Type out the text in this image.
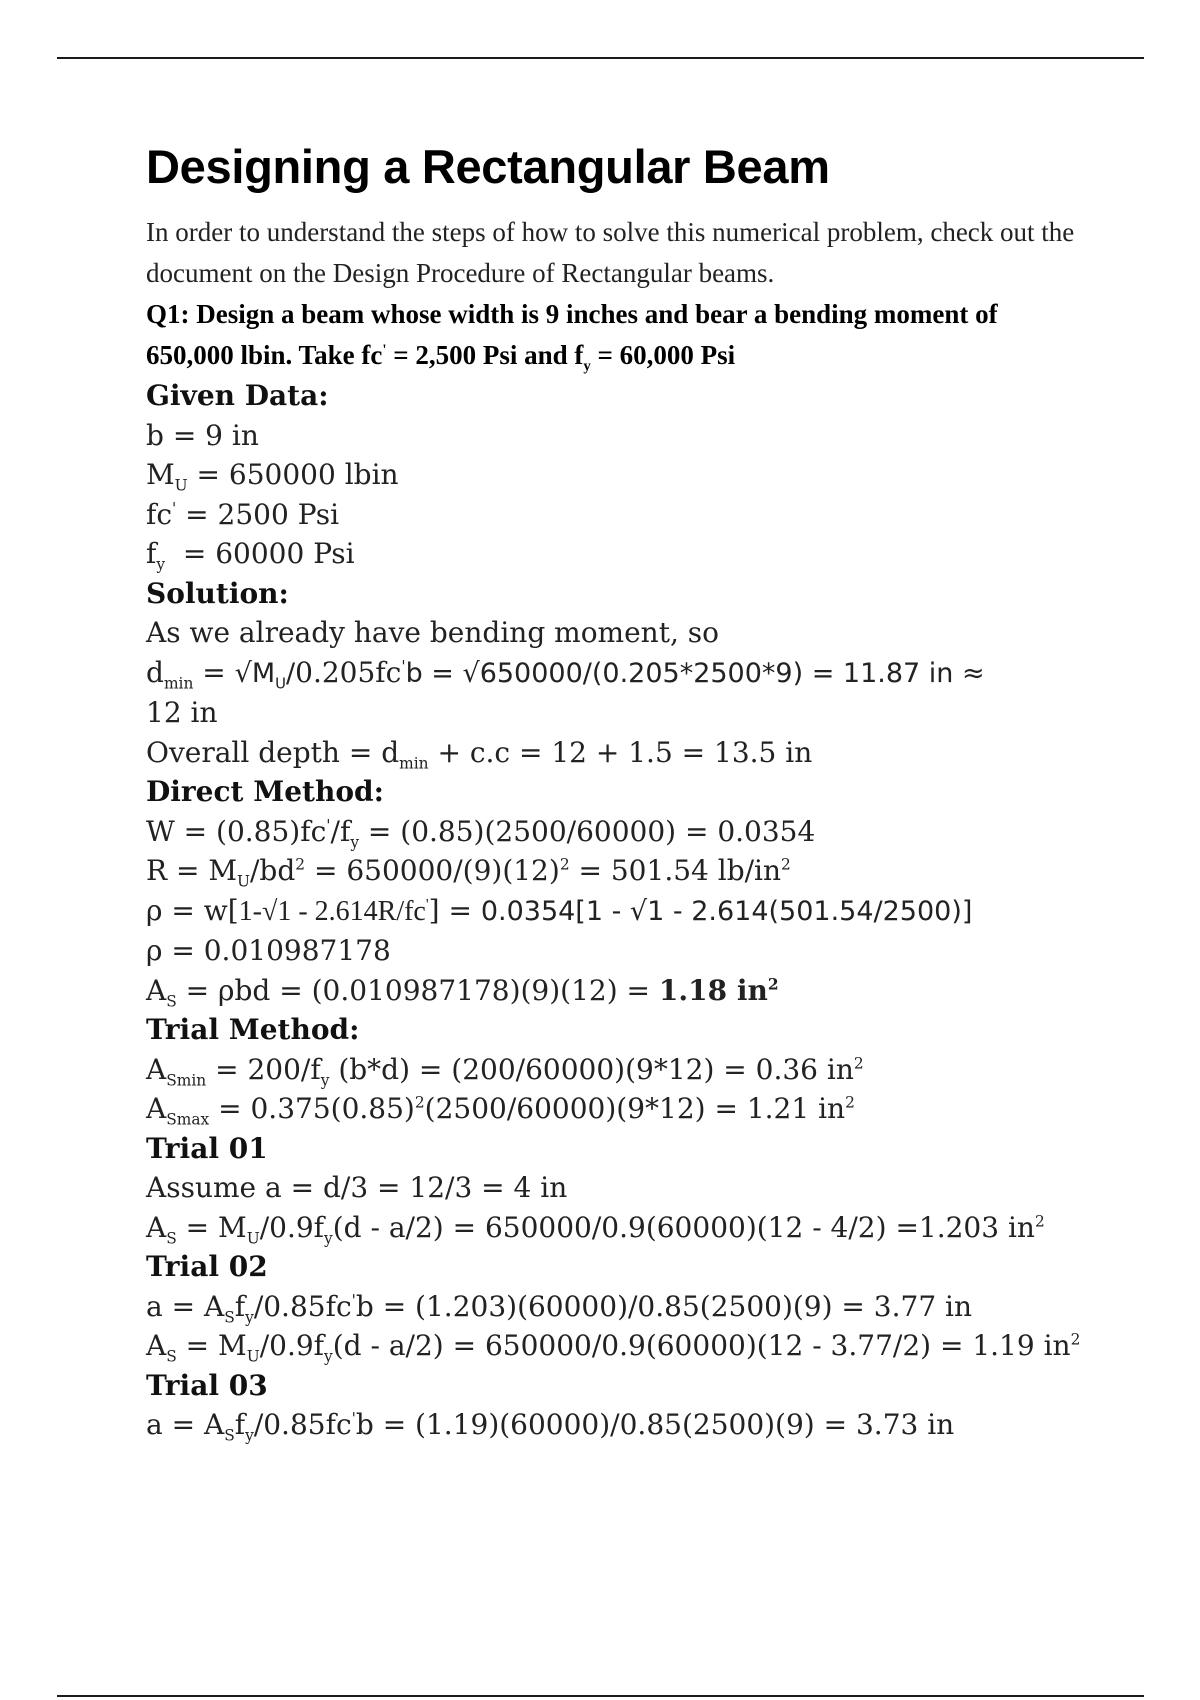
Designing a Rectangular Beam

In order to understand the steps of how to solve this numerical problem, check out the document on the Design Procedure of Rectangular beams.

Q1: Design a beam whose width is 9 inches and bear a bending moment of 650,000 lbin. Take fc' = 2,500 Psi and $f_y = 60,000$ Psi

Given Data:

b = 9 in

$M_U = 650000$ lbin

fc' = 2500 Psi

$f_y = 60000$ Psi

Solution:

As we already have bending moment, so

$d_{min} = √M_U/0.205fc'b = √650000/(0.205*2500*9) = 11.87$ in ≈

12 in

Overall depth = $d_{min} + c.c = 12 + 1.5 = 13.5$ in

Direct Method:

$W = (0.85)fc'/f_y = (0.85)(2500/60000) = 0.0354$

$R = M_U/bd^2 = 650000/(9)(12)^2 = 501.54$ $lb/in^2$

ρ = w[1-√1 - 2.614R/fc'] = 0.0354[1 - √1 - 2.614(501.54/2500)]

ρ = 0.010987178

$A_S = \rho bd = (0.010987178)(9)(12) = 1.18$ $in^2$

Trial Method:

$A_{Smin} = 200/f_y$ (b*d) = (200/60000)(9*12) = 0.36 $in^2$

$A_{Smax} = 0.375(0.85)^2(2500/60000)(9*12) = 1.21$ $in^2$

Trial 01

Assume a = d/3 = 12/3 = 4 in

$A_S = M_U/0.9f_y(d - a/2) = 650000/0.9(60000)(12 - 4/2) =1.203$ $in^2$

Trial 02

$a = A_Sf_y/0.85fc'b = (1.203)(60000)/0.85(2500)(9) = 3.77$ in

$A_S = M_U/0.9f_y(d - a/2) = 650000/0.9(60000)(12 - 3.77/2) = 1.19$ $in^2$

Trial 03

$a = A_Sf_y/0.85fc'b = (1.19)(60000)/0.85(2500)(9) = 3.73$ in
